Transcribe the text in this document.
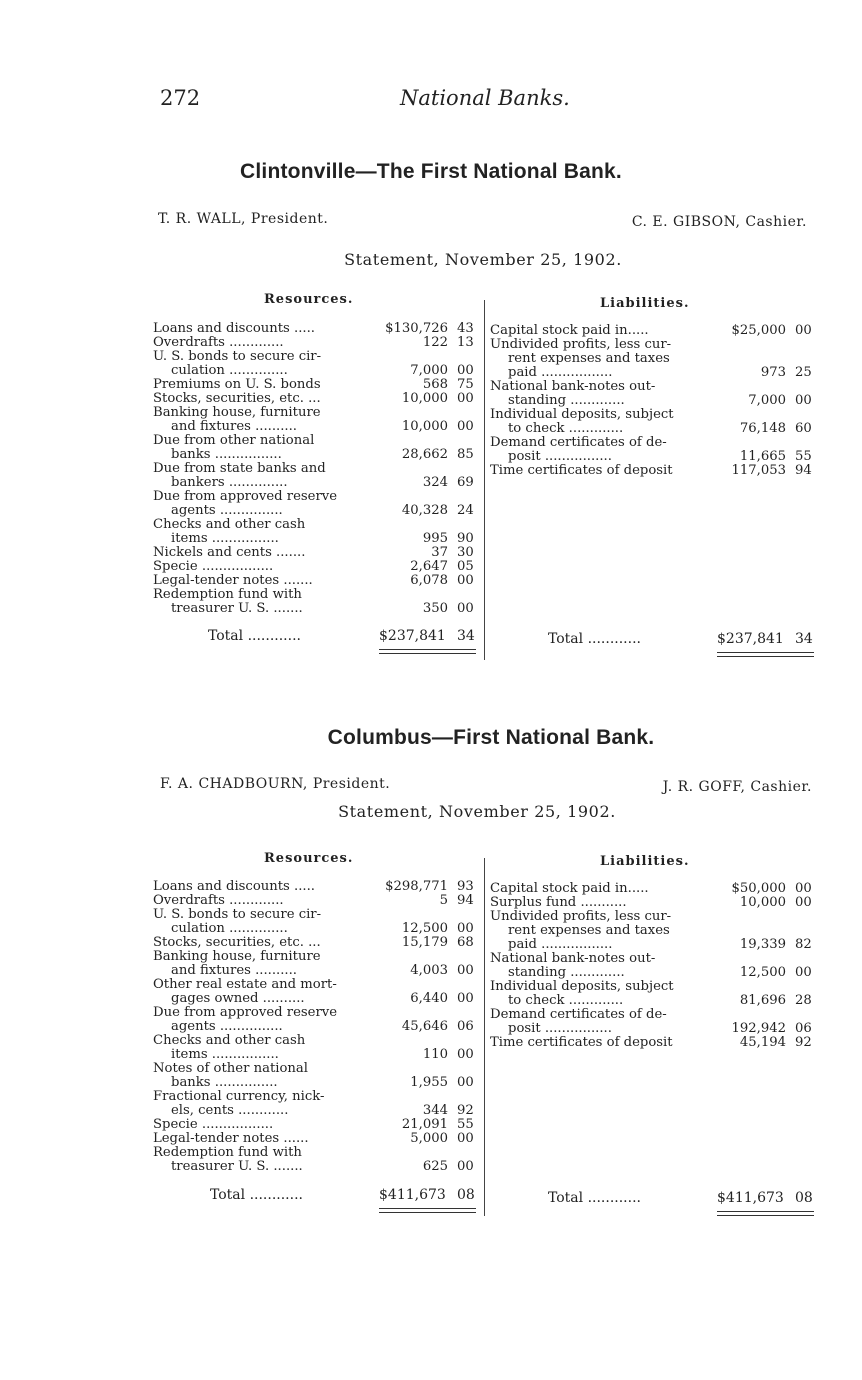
272	National Banks.
Clintonville—The First National Bank.
T. R. WALL, President.	C. E. GIBSON, Cashier.
Statement, November 25, 1902.
Resources.	Liabilities.
Loans and discounts .....	$130,726 43
Overdrafts .............	122 13
U. S. bonds to secure cir-
culation ..............	7,000 00
Premiums on U. S. bonds	568 75
Stocks, securities, etc. ...	10,000 00
Banking house, furniture
and fixtures ..........	10,000 00
Due from other national
banks ................	28,662 85
Due from state banks and
bankers ..............	324 69
Due from approved reserve
agents ...............	40,328 24
Checks and other cash
items ................	995 90
Nickels and cents .......	37 30
Specie .................	2,647 05
Legal-tender notes .......	6,078 00
Redemption fund with
treasurer U. S. .......	350 00
Capital stock paid in.....	$25,000 00
Undivided profits, less cur-
rent expenses and taxes
paid .................	973 25
National bank-notes out-
standing .............	7,000 00
Individual deposits, subject
to check .............	76,148 60
Demand certificates of de-
posit ................	11,665 55
Time certificates of deposit	117,053 94
Total ............	$237,841 34	Total ............	$237,841 34
Columbus—First National Bank.
F. A. CHADBOURN, President.	J. R. GOFF, Cashier.
Statement, November 25, 1902.
Resources.	Liabilities.
Loans and discounts .....	$298,771 93
Overdrafts .............	5 94
U. S. bonds to secure cir-
culation ..............	12,500 00
Stocks, securities, etc. ...	15,179 68
Banking house, furniture
and fixtures ..........	4,003 00
Other real estate and mort-
gages owned ..........	6,440 00
Due from approved reserve
agents ...............	45,646 06
Checks and other cash
items ................	110 00
Notes of other national
banks ...............	1,955 00
Fractional currency, nick-
els, cents ............	344 92
Specie .................	21,091 55
Legal-tender notes ......	5,000 00
Redemption fund with
treasurer U. S. .......	625 00
Capital stock paid in.....	$50,000 00
Surplus fund ...........	10,000 00
Undivided profits, less cur-
rent expenses and taxes
paid .................	19,339 82
National bank-notes out-
standing .............	12,500 00
Individual deposits, subject
to check .............	81,696 28
Demand certificates of de-
posit ................	192,942 06
Time certificates of deposit	45,194 92
Total ............	$411,673 08	Total ............	$411,673 08
